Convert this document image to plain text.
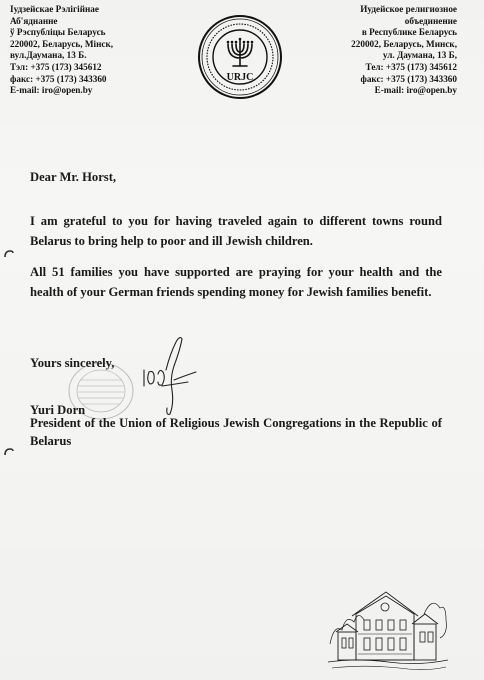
Іудзейскае Рэлігійнае
Аб'яднанне
ў Рэспубліцы Беларусь
220002, Беларусь, Мінск,
вул.Даумана, 13 Б.
Тэл: +375 (173) 345612
факс: +375 (173) 343360
E-mail: iro@open.by
URJC
Иудейское религиозное
объединение
в Республике Беларусь
220002, Беларусь, Минск,
ул. Даумана, 13 Б,
Тел: +375 (173) 345612
факс: +375 (173) 343360
E-mail: iro@open.by
Dear Mr. Horst,
I am grateful to you for having traveled again to different towns round Belarus to bring help to poor and ill Jewish children.
All 51 families you have supported are praying for your health and the health of your German friends spending money for Jewish families benefit.
Yours sincerely,
Yuri Dorn
President of the Union of Religious Jewish Congregations in the Republic of Belarus
